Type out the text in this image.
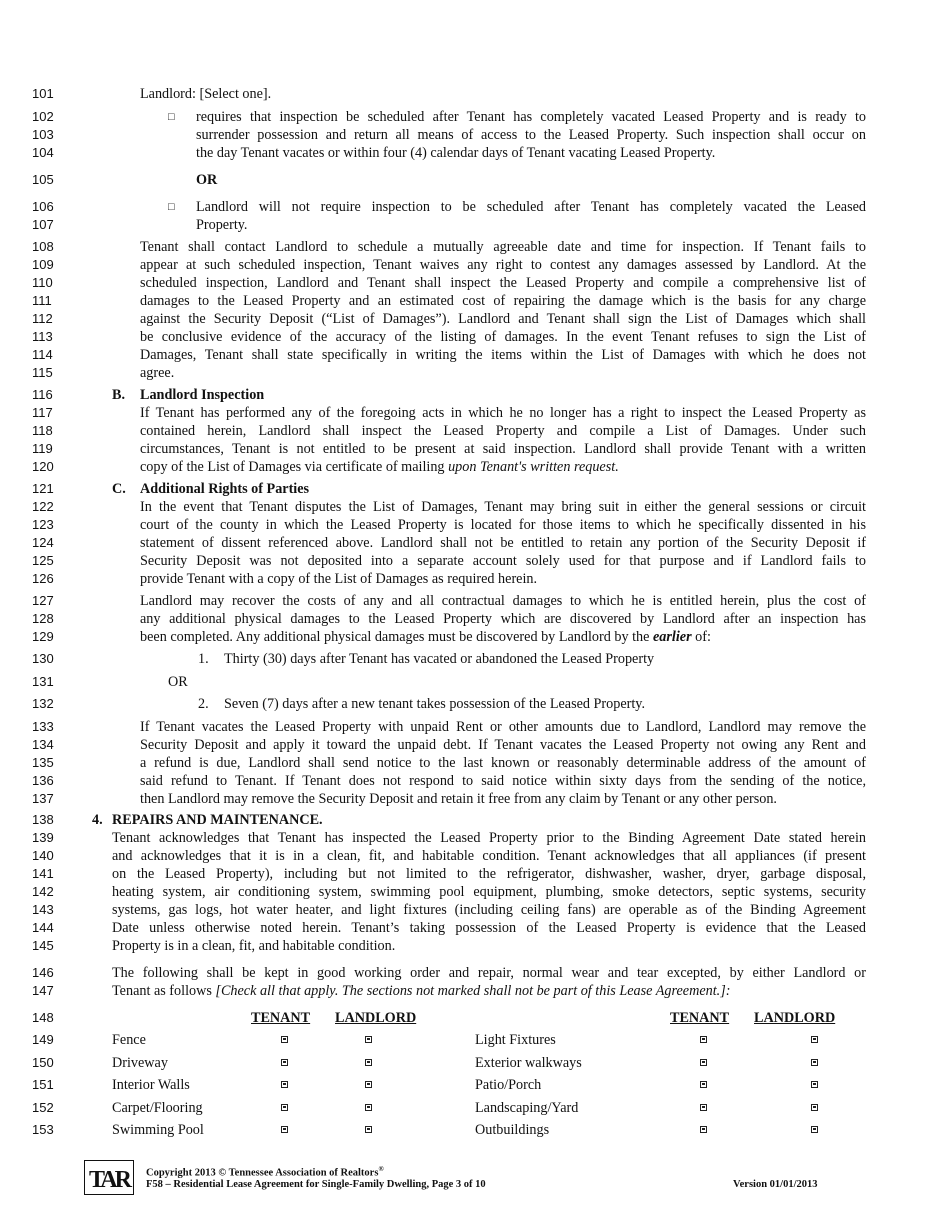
101	Landlord: [Select one].
102	□ requires that inspection be scheduled after Tenant has completely vacated Leased Property and is ready to
103	surrender possession and return all means of access to the Leased Property. Such inspection shall occur on
104	the day Tenant vacates or within four (4) calendar days of Tenant vacating Leased Property.
105	OR
106	□ Landlord will not require inspection to be scheduled after Tenant has completely vacated the Leased
107	Property.
108	Tenant shall contact Landlord to schedule a mutually agreeable date and time for inspection. If Tenant fails to
109	appear at such scheduled inspection, Tenant waives any right to contest any damages assessed by Landlord. At the
110	scheduled inspection, Landlord and Tenant shall inspect the Leased Property and compile a comprehensive list of
111	damages to the Leased Property and an estimated cost of repairing the damage which is the basis for any charge
112	against the Security Deposit (“List of Damages”). Landlord and Tenant shall sign the List of Damages which shall
113	be conclusive evidence of the accuracy of the listing of damages. In the event Tenant refuses to sign the List of
114	Damages, Tenant shall state specifically in writing the items within the List of Damages with which he does not
115	agree.
116	B. Landlord Inspection
117	If Tenant has performed any of the foregoing acts in which he no longer has a right to inspect the Leased Property as
118	contained herein, Landlord shall inspect the Leased Property and compile a List of Damages. Under such
119	circumstances, Tenant is not entitled to be present at said inspection. Landlord shall provide Tenant with a written
120	copy of the List of Damages via certificate of mailing upon Tenant's written request.
121	C. Additional Rights of Parties
122	In the event that Tenant disputes the List of Damages, Tenant may bring suit in either the general sessions or circuit
123	court of the county in which the Leased Property is located for those items to which he specifically dissented in his
124	statement of dissent referenced above. Landlord shall not be entitled to retain any portion of the Security Deposit if
125	Security Deposit was not deposited into a separate account solely used for that purpose and if Landlord fails to
126	provide Tenant with a copy of the List of Damages as required herein.
127	Landlord may recover the costs of any and all contractual damages to which he is entitled herein, plus the cost of
128	any additional physical damages to the Leased Property which are discovered by Landlord after an inspection has
129	been completed. Any additional physical damages must be discovered by Landlord by the earlier of:
130	1. Thirty (30) days after Tenant has vacated or abandoned the Leased Property
131	OR
132	2. Seven (7) days after a new tenant takes possession of the Leased Property.
133	If Tenant vacates the Leased Property with unpaid Rent or other amounts due to Landlord, Landlord may remove the
134	Security Deposit and apply it toward the unpaid debt. If Tenant vacates the Leased Property not owing any Rent and
135	a refund is due, Landlord shall send notice to the last known or reasonably determinable address of the amount of
136	said refund to Tenant. If Tenant does not respond to said notice within sixty days from the sending of the notice,
137	then Landlord may remove the Security Deposit and retain it free from any claim by Tenant or any other person.
138	4. REPAIRS AND MAINTENANCE.
139	Tenant acknowledges that Tenant has inspected the Leased Property prior to the Binding Agreement Date stated herein
140	and acknowledges that it is in a clean, fit, and habitable condition. Tenant acknowledges that all appliances (if present
141	on the Leased Property), including but not limited to the refrigerator, dishwasher, washer, dryer, garbage disposal,
142	heating system, air conditioning system, swimming pool equipment, plumbing, smoke detectors, septic systems, security
143	systems, gas logs, hot water heater, and light fixtures (including ceiling fans) are operable as of the Binding Agreement
144	Date unless otherwise noted herein. Tenant’s taking possession of the Leased Property is evidence that the Leased
145	Property is in a clean, fit, and habitable condition.
146	The following shall be kept in good working order and repair, normal wear and tear excepted, by either Landlord or
147	Tenant as follows [Check all that apply. The sections not marked shall not be part of this Lease Agreement.]:
148	TENANT LANDLORD	TENANT LANDLORD
149	Fence	Light Fixtures
150	Driveway	Exterior walkways
151	Interior Walls	Patio/Porch
152	Carpet/Flooring	Landscaping/Yard
153	Swimming Pool	Outbuildings
TAR	Copyright 2013 © Tennessee Association of Realtors®
F58 – Residential Lease Agreement for Single-Family Dwelling, Page 3 of 10	Version 01/01/2013
